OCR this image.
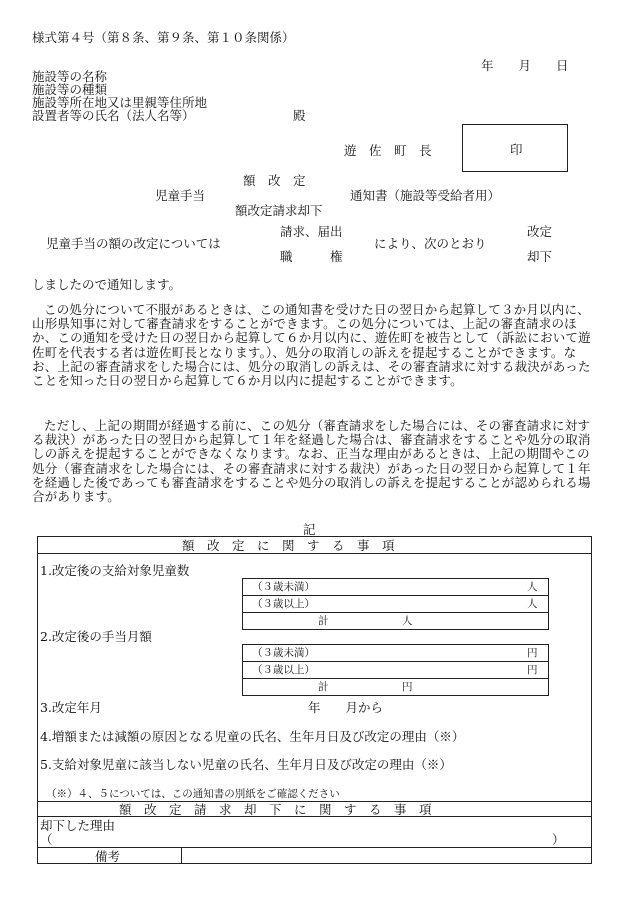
様式第４号（第８条、第９条、第１０条関係）
年　　月　　日
施設等の名称
施設等の種類
施設等所在地又は里親等住所地
設置者等の氏名（法人名等）	殿
遊　佐　町　長	印
額　改　定
児童手当	通知書（施設等受給者用）
額改定請求却下
児童手当の額の改定については
請求、届出
職　　　権
により、次のとおり
改定
却下
しましたので通知します。
この処分について不服があるときは、この通知書を受けた日の翌日から起算して３か月以内に、山形県知事に対して審査請求をすることができます。この処分については、上記の審査請求のほか、この通知を受けた日の翌日から起算して６か月以内に、遊佐町を被告として（訴訟において遊佐町を代表する者は遊佐町長となります。）、処分の取消しの訴えを提起することができます。なお、上記の審査請求をした場合には、処分の取消しの訴えは、その審査請求に対する裁決があったことを知った日の翌日から起算して６か月以内に提起することができます。
ただし、上記の期間が経過する前に、この処分（審査請求をした場合には、その審査請求に対する裁決）があった日の翌日から起算して１年を経過した場合は、審査請求をすることや処分の取消しの訴えを提起することができなくなります。なお、正当な理由があるときは、上記の期間やこの処分（審査請求をした場合には、その審査請求に対する裁決）があった日の翌日から起算して１年を経過した後であっても審査請求をすることや処分の取消しの訴えを提起することが認められる場合があります。
記
額　改　定　に　関　す　る　事　項
1.改定後の支給対象児童数
（３歳未満）	人
（３歳以上）	人
計　　　　　　　人
2.改定後の手当月額
（３歳未満）	円
（３歳以上）	円
計　　　　　　　円
3.改定年月	年　　月から
4.増額または減額の原因となる児童の氏名、生年月日及び改定の理由（※）
5.支給対象児童に該当しない児童の氏名、生年月日及び改定の理由（※）
（※）４、５については、この通知書の別紙をご確認ください
額　改　定　請　求　却　下　に　関　す　る　事　項
却下した理由
（	）
備考
